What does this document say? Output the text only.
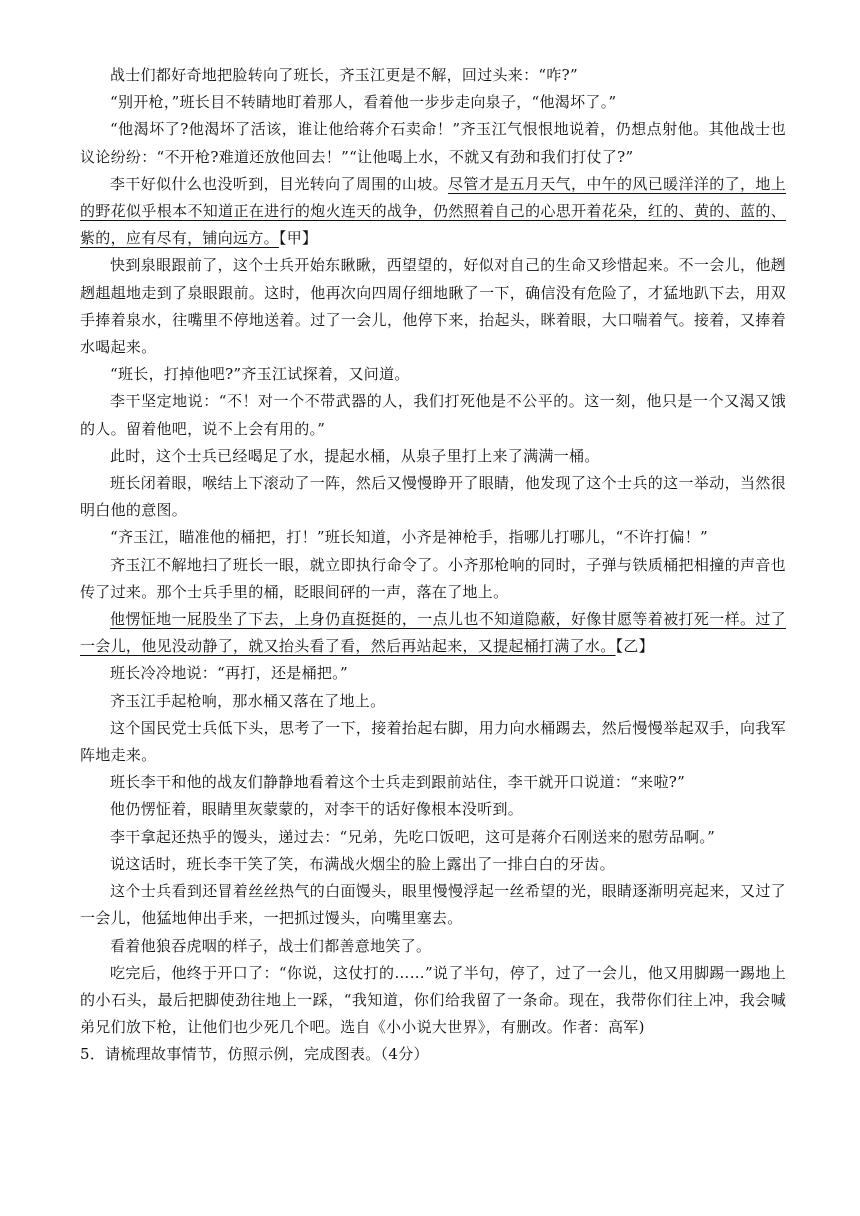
战士们都好奇地把脸转向了班长，齐玉江更是不解，回过头来：“咋?”

“别开枪，”班长目不转睛地盯着那人，看着他一步步走向泉子，“他渴坏了。”

“他渴坏了?他渴坏了活该，谁让他给蒋介石卖命！”齐玉江气恨恨地说着，仍想点射他。其他战士也议论纷纷：“不开枪?难道还放他回去！”“让他喝上水，不就又有劲和我们打仗了?”

李干好似什么也没听到，目光转向了周围的山坡。尽管才是五月天气，中午的风已暖洋洋的了，地上的野花似乎根本不知道正在进行的炮火连天的战争，仍然照着自己的心思开着花朵，红的、黄的、蓝的、紫的，应有尽有，铺向远方。【甲】

快到泉眼跟前了，这个士兵开始东瞅瞅，西望望的，好似对自己的生命又珍惜起来。不一会儿，他趔趔趄趄地走到了泉眼跟前。这时，他再次向四周仔细地瞅了一下，确信没有危险了，才猛地趴下去，用双手捧着泉水，往嘴里不停地送着。过了一会儿，他停下来，抬起头，眯着眼，大口喘着气。接着，又捧着水喝起来。

“班长，打掉他吧?”齐玉江试探着，又问道。

李干坚定地说：“不！对一个不带武器的人，我们打死他是不公平的。这一刻，他只是一个又渴又饿的人。留着他吧，说不上会有用的。”

此时，这个士兵已经喝足了水，提起水桶，从泉子里打上来了满满一桶。

班长闭着眼，喉结上下滚动了一阵，然后又慢慢睁开了眼睛，他发现了这个士兵的这一举动，当然很明白他的意图。

“齐玉江，瞄准他的桶把，打！”班长知道，小齐是神枪手，指哪儿打哪儿，“不许打偏！”

齐玉江不解地扫了班长一眼，就立即执行命令了。小齐那枪响的同时，子弹与铁质桶把相撞的声音也传了过来。那个士兵手里的桶，眨眼间砰的一声，落在了地上。

他愣怔地一屁股坐了下去，上身仍直挺挺的，一点儿也不知道隐蔽，好像甘愿等着被打死一样。过了一会儿，他见没动静了，就又抬头看了看，然后再站起来，又提起桶打满了水。【乙】

班长冷冷地说：“再打，还是桶把。”

齐玉江手起枪响，那水桶又落在了地上。

这个国民党士兵低下头，思考了一下，接着抬起右脚，用力向水桶踢去，然后慢慢举起双手，向我军阵地走来。

班长李干和他的战友们静静地看着这个士兵走到跟前站住，李干就开口说道：“来啦?”

他仍愣怔着，眼睛里灰蒙蒙的，对李干的话好像根本没听到。

李干拿起还热乎的馒头，递过去：“兄弟，先吃口饭吧，这可是蒋介石刚送来的慰劳品啊。”

说这话时，班长李干笑了笑，布满战火烟尘的脸上露出了一排白白的牙齿。

这个士兵看到还冒着丝丝热气的白面馒头，眼里慢慢浮起一丝希望的光，眼睛逐渐明亮起来，又过了一会儿，他猛地伸出手来，一把抓过馒头，向嘴里塞去。

看着他狼吞虎咽的样子，战士们都善意地笑了。

吃完后，他终于开口了：“你说，这仗打的……”说了半句，停了，过了一会儿，他又用脚踢一踢地上的小石头，最后把脚使劲往地上一踩，“我知道，你们给我留了一条命。现在，我带你们往上冲，我会喊弟兄们放下枪，让他们也少死几个吧。选自《小小说大世界》，有删改。作者：高军)

5．请梳理故事情节，仿照示例，完成图表。（4分）
